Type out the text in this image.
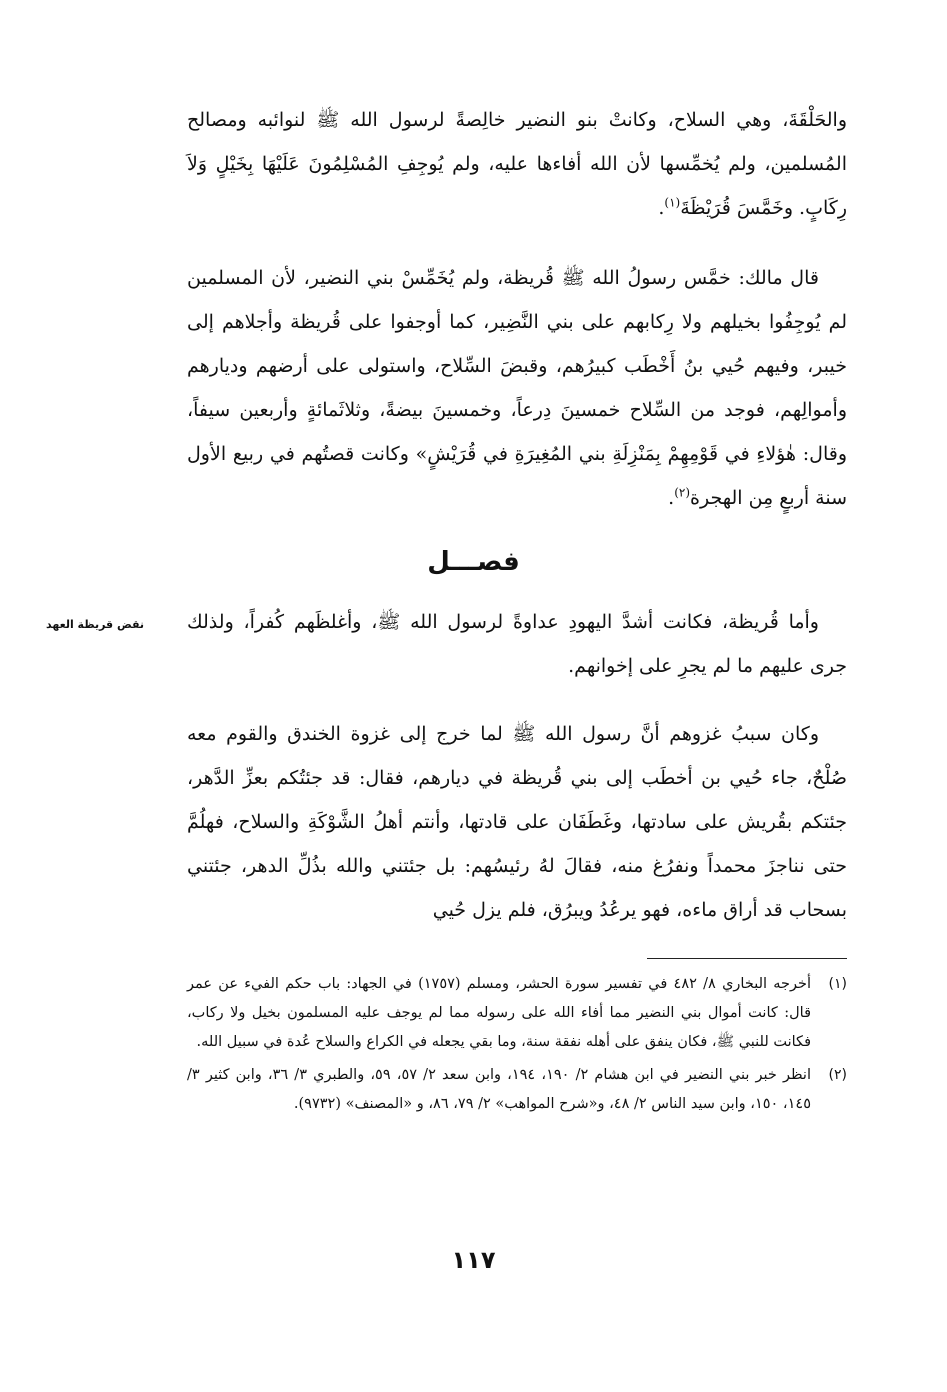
والحَلْقَةَ، وهي السلاح، وكانتْ بنو النضير خالِصةً لرسول الله ﷺ لنوائبه ومصالح المُسلمين، ولم يُخمِّسها لأن الله أفاءها عليه، ولم يُوجِفِ المُسْلِمُونَ عَلَيْهَا بِخَيْلٍ وَلاَ رِكَابٍ. وخَمَّسَ قُرَيْظَةَ$^{(١)}$.

قال مالك: خمَّس رسولُ الله ﷺ قُريظة، ولم يُخَمِّسْ بني النضير، لأن المسلمين لم يُوجِفُوا بخيلهم ولا رِكابهم على بني النَّضِير، كما أوجفوا على قُريظة وأجلاهم إلى خيبر، وفيهم حُيي بنُ أَخْطَب كبيرُهم، وقبضَ السِّلاح، واستولى على أرضهم وديارهم وأموالِهم، فوجد من السِّلاح خمسينَ دِرعاً، وخمسينَ بيضةً، وثلاثَمائةٍ وأربعين سيفاً، وقال: هٰؤلاءِ في قَوْمِهِمْ بِمَنْزِلَةِ بني المُغِيرَةِ في قُرَيْشٍ» وكانت قصتُهم في ربيع الأول سنة أربعٍ مِن الهجرة$^{(٢)}$.

فصـــل
نقض قريظة العهد	وأما قُريظة، فكانت أشدَّ اليهودِ عداوةً لرسول الله ﷺ، وأغلظَهم كُفراً، ولذلك جرى عليهم ما لم يجرِ على إخوانهم.

وكان سببُ غزوهم أنَّ رسول الله ﷺ لما خرج إلى غزوة الخندق والقوم معه صُلْحٌ، جاء حُيي بن أخطَب إلى بني قُريظة في ديارهم، فقال: قد جئتُكم بعزِّ الدَّهر، جئتكم بقُريش على سادتها، وغَطَفَان على قادتها، وأنتم أهلُ الشَّوْكَةِ والسلاح، فهلُمَّ حتى نناجزَ محمداً ونفرُغ منه، فقالَ لهُ رئيسُهم: بل جئتني والله بذُلِّ الدهر، جئتني بسحاب قد أراق ماءه، فهو يرعُدُ ويبرُق، فلم يزل حُيي

(١)
أخرجه البخاري ٨/ ٤٨٢ في تفسير سورة الحشر، ومسلم (١٧٥٧) في الجهاد: باب حكم الفيء عن عمر قال: كانت أموال بني النضير مما أفاء الله على رسوله مما لم يوجف عليه المسلمون بخيل ولا ركاب، فكانت للنبي ﷺ، فكان ينفق على أهله نفقة سنة، وما بقي يجعله في الكراع والسلاح عُدة في سبيل الله.
(٢)
انظر خبر بني النضير في ابن هشام ٢/ ١٩٠، ١٩٤، وابن سعد ٢/ ٥٧، ٥٩، والطبري ٣/ ٣٦، وابن كثير ٣/ ١٤٥، ١٥٠، وابن سيد الناس ٢/ ٤٨، و«شرح المواهب» ٢/ ٧٩، ٨٦، و «المصنف» (٩٧٣٢).
١١٧
